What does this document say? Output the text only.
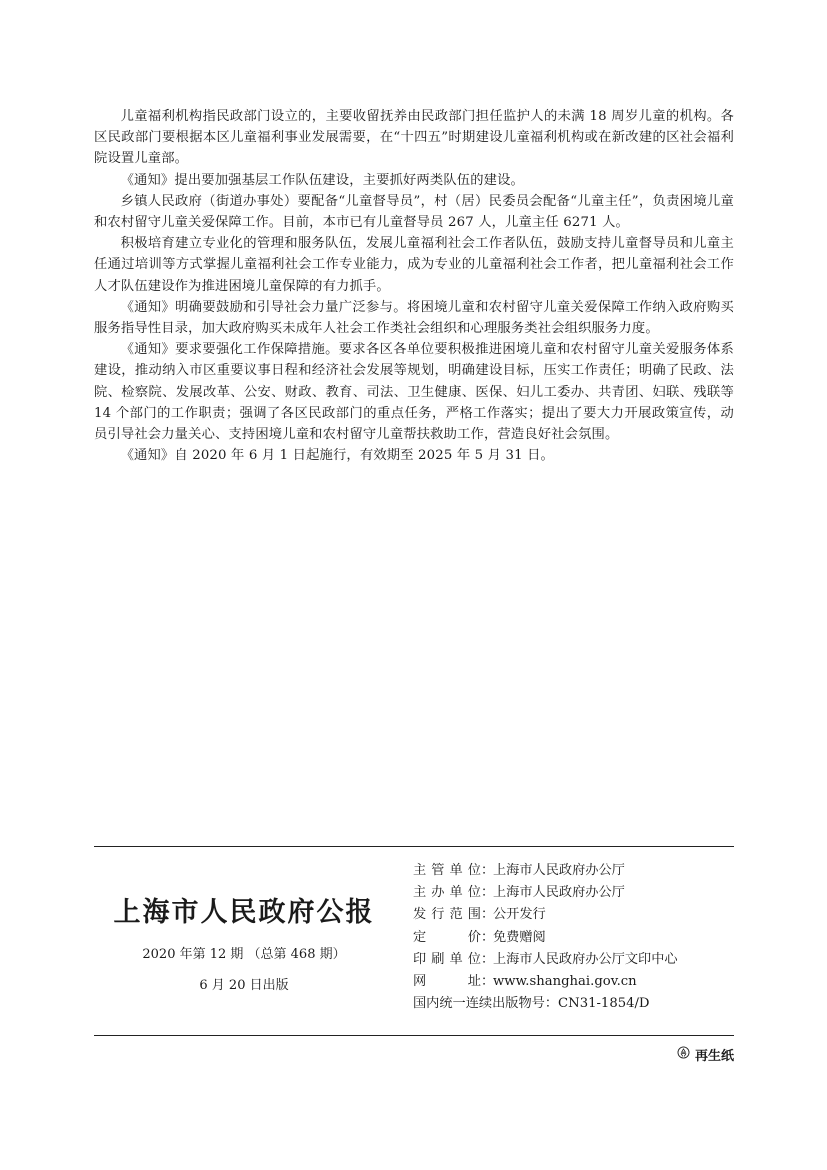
儿童福利机构指民政部门设立的，主要收留抚养由民政部门担任监护人的未满 18 周岁儿童的机构。各区民政部门要根据本区儿童福利事业发展需要，在“十四五”时期建设儿童福利机构或在新改建的区社会福利院设置儿童部。

《通知》提出要加强基层工作队伍建设，主要抓好两类队伍的建设。

乡镇人民政府（街道办事处）要配备“儿童督导员”，村（居）民委员会配备“儿童主任”，负责困境儿童和农村留守儿童关爱保障工作。目前，本市已有儿童督导员 267 人，儿童主任 6271 人。

积极培育建立专业化的管理和服务队伍，发展儿童福利社会工作者队伍，鼓励支持儿童督导员和儿童主任通过培训等方式掌握儿童福利社会工作专业能力，成为专业的儿童福利社会工作者，把儿童福利社会工作人才队伍建设作为推进困境儿童保障的有力抓手。

《通知》明确要鼓励和引导社会力量广泛参与。将困境儿童和农村留守儿童关爱保障工作纳入政府购买服务指导性目录，加大政府购买未成年人社会工作类社会组织和心理服务类社会组织服务力度。

《通知》要求要强化工作保障措施。要求各区各单位要积极推进困境儿童和农村留守儿童关爱服务体系建设，推动纳入市区重要议事日程和经济社会发展等规划，明确建设目标，压实工作责任；明确了民政、法院、检察院、发展改革、公安、财政、教育、司法、卫生健康、医保、妇儿工委办、共青团、妇联、残联等 14 个部门的工作职责；强调了各区民政部门的重点任务，严格工作落实；提出了要大力开展政策宣传，动员引导社会力量关心、支持困境儿童和农村留守儿童帮扶救助工作，营造良好社会氛围。

《通知》自 2020 年 6 月 1 日起施行，有效期至 2025 年 5 月 31 日。

上海市人民政府公报
2020 年第 12 期 （总第 468 期）
6 月 20 日出版
主管单位：上海市人民政府办公厅
主办单位：上海市人民政府办公厅
发行范围：公开发行
定价：免费赠阅
印刷单位：上海市人民政府办公厅文印中心
网址：www.shanghai.gov.cn
国内统一连续出版物号：CN31-1854/D
再生纸
